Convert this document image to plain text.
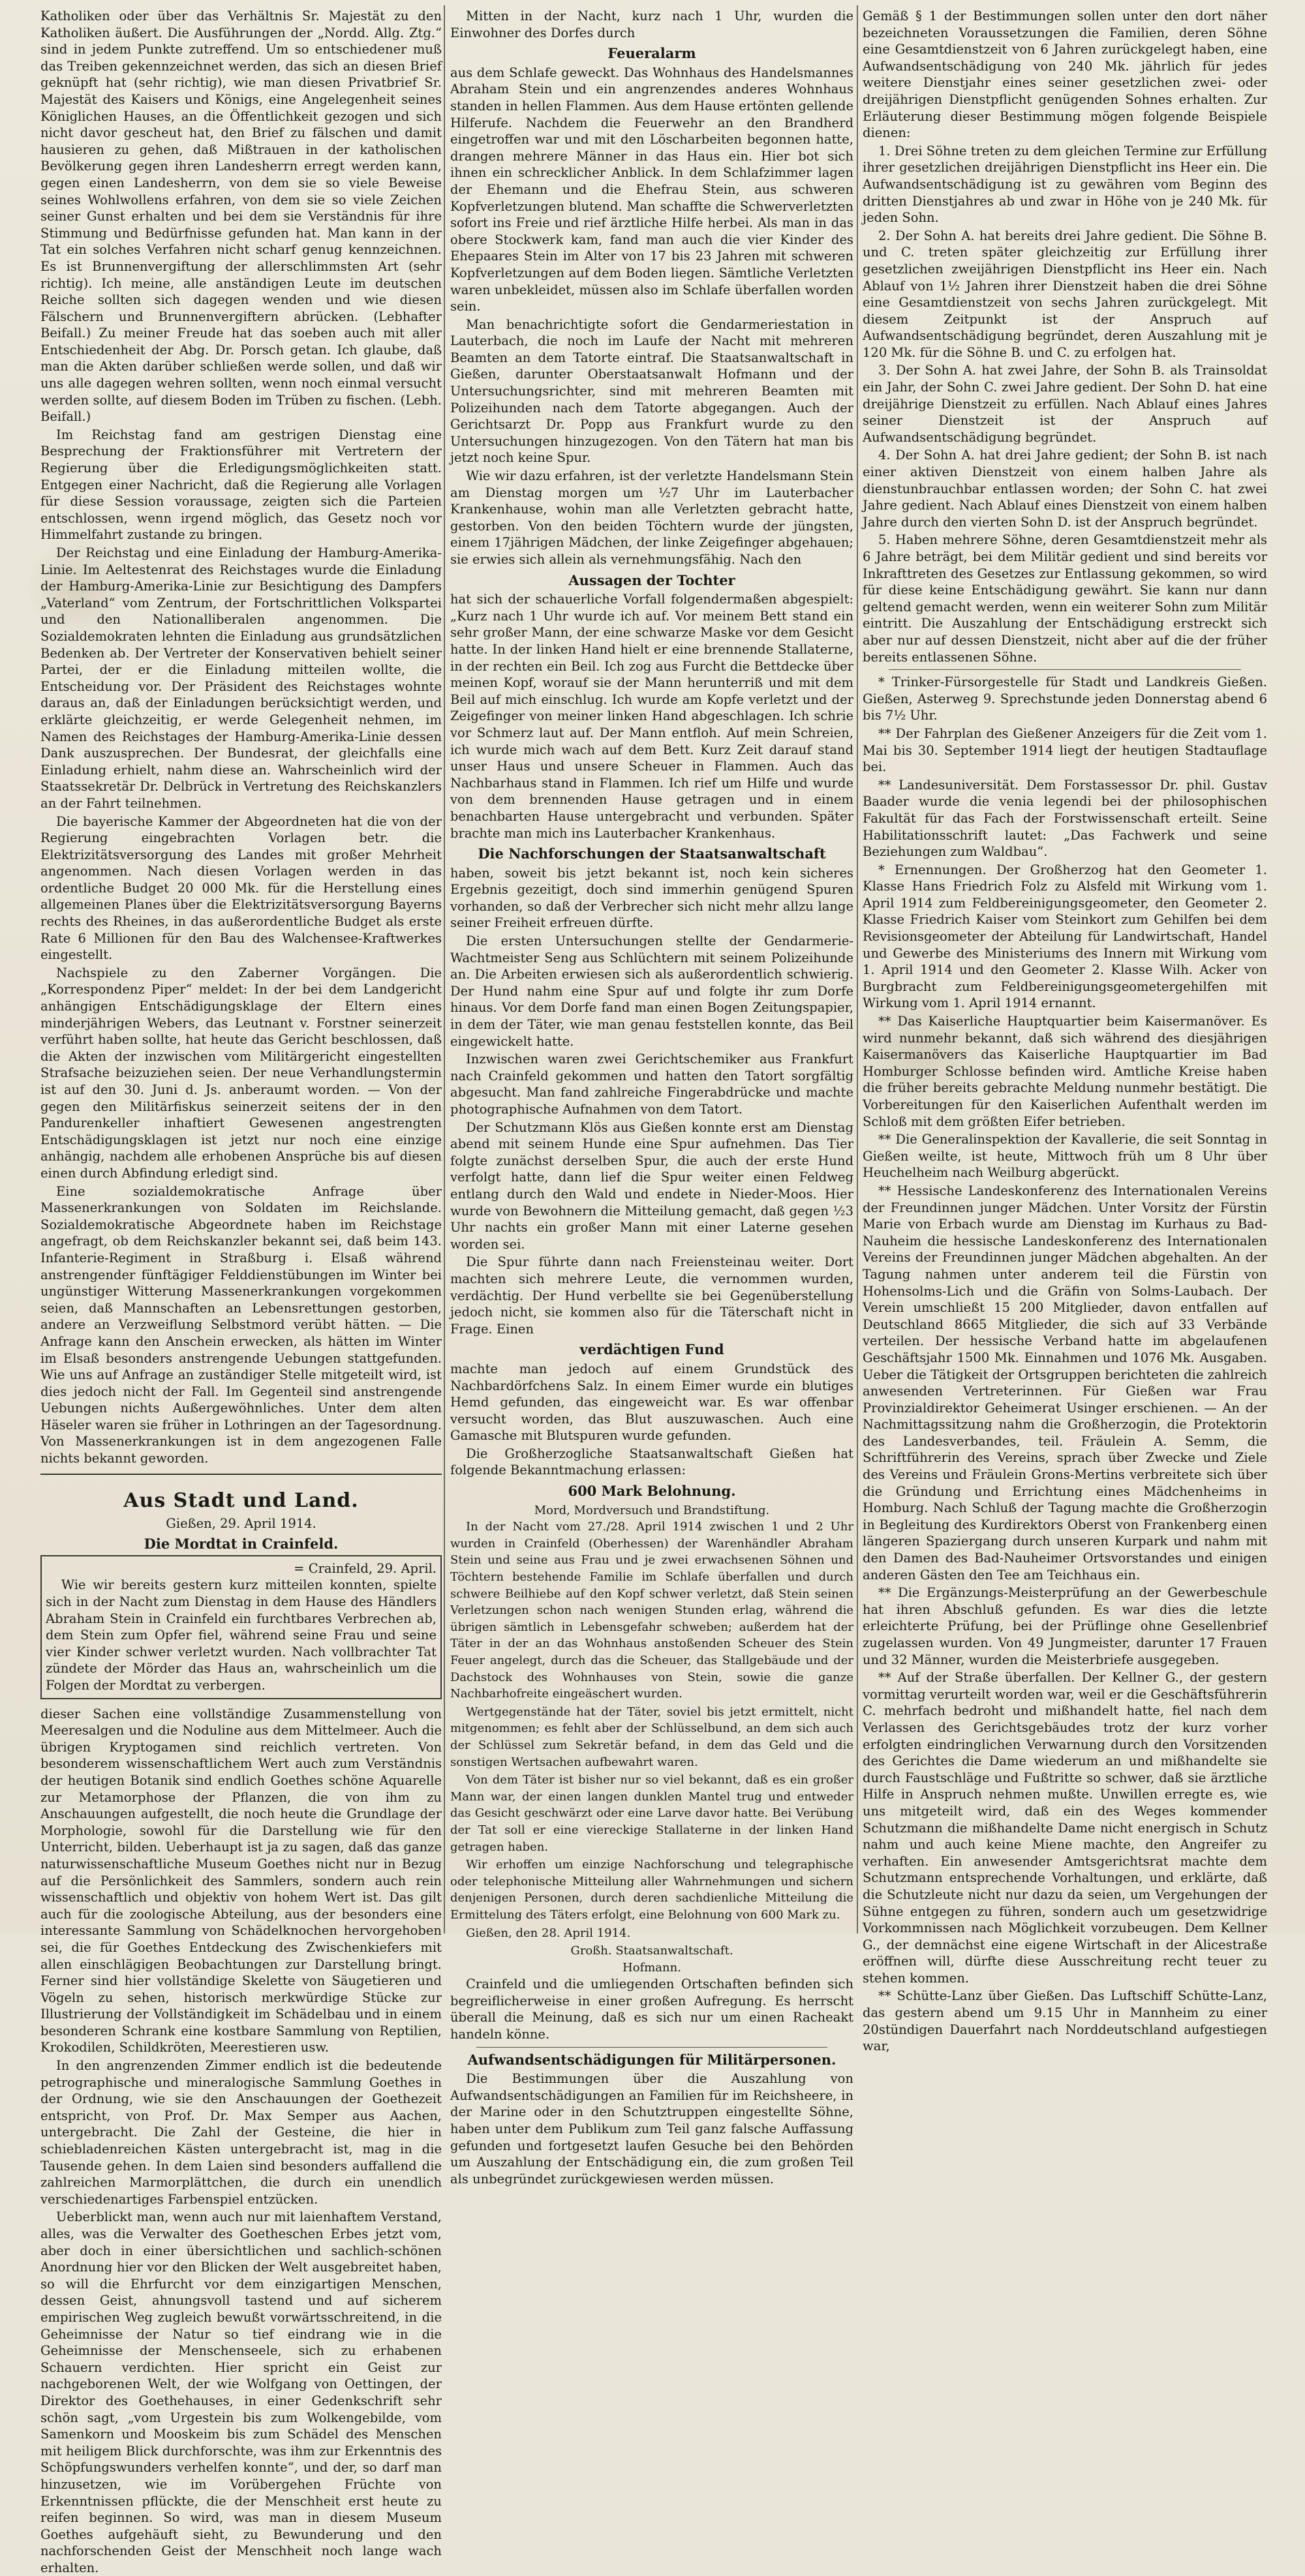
Katholiken oder über das Verhältnis Sr. Majestät zu den Katholiken äußert. Die Ausführungen der „Nordd. Allg. Ztg.“ sind in jedem Punkte zutreffend. Um so entschiedener muß das Treiben gekennzeichnet werden, das sich an diesen Brief geknüpft hat (sehr richtig), wie man diesen Privatbrief Sr. Majestät des Kaisers und Königs, eine Angelegenheit seines Königlichen Hauses, an die Öffentlichkeit gezogen und sich nicht davor gescheut hat, den Brief zu fälschen und damit hausieren zu gehen, daß Mißtrauen in der katholischen Bevölkerung gegen ihren Landesherrn erregt werden kann, gegen einen Landesherrn, von dem sie so viele Beweise seines Wohlwollens erfahren, von dem sie so viele Zeichen seiner Gunst erhalten und bei dem sie Verständnis für ihre Stimmung und Bedürfnisse gefunden hat. Man kann in der Tat ein solches Verfahren nicht scharf genug kennzeichnen. Es ist Brunnenvergiftung der allerschlimmsten Art (sehr richtig). Ich meine, alle anständigen Leute im deutschen Reiche sollten sich dagegen wenden und wie diesen Fälschern und Brunnenvergiftern abrücken. (Lebhafter Beifall.) Zu meiner Freude hat das soeben auch mit aller Entschiedenheit der Abg. Dr. Porsch getan. Ich glaube, daß man die Akten darüber schließen werde sollen, und daß wir uns alle dagegen wehren sollten, wenn noch einmal versucht werden sollte, auf diesem Boden im Trüben zu fischen. (Lebh. Beifall.)

Im Reichstag fand am gestrigen Dienstag eine Besprechung der Fraktionsführer mit Vertretern der Regierung über die Erledigungsmöglichkeiten statt. Entgegen einer Nachricht, daß die Regierung alle Vorlagen für diese Session voraussage, zeigten sich die Parteien entschlossen, wenn irgend möglich, das Gesetz noch vor Himmelfahrt zustande zu bringen.

Der Reichstag und eine Einladung der Hamburg-Amerika-Linie. Im Aeltestenrat des Reichstages wurde die Einladung der Hamburg-Amerika-Linie zur Besichtigung des Dampfers „Vaterland“ vom Zentrum, der Fortschrittlichen Volkspartei und den Nationalliberalen angenommen. Die Sozialdemokraten lehnten die Einladung aus grundsätzlichen Bedenken ab. Der Vertreter der Konservativen behielt seiner Partei, der er die Einladung mitteilen wollte, die Entscheidung vor. Der Präsident des Reichstages wohnte daraus an, daß der Einladungen berücksichtigt werden, und erklärte gleichzeitig, er werde Gelegenheit nehmen, im Namen des Reichstages der Hamburg-Amerika-Linie dessen Dank auszusprechen. Der Bundesrat, der gleichfalls eine Einladung erhielt, nahm diese an. Wahrscheinlich wird der Staatssekretär Dr. Delbrück in Vertretung des Reichskanzlers an der Fahrt teilnehmen.

Die bayerische Kammer der Abgeordneten hat die von der Regierung eingebrachten Vorlagen betr. die Elektrizitätsversorgung des Landes mit großer Mehrheit angenommen. Nach diesen Vorlagen werden in das ordentliche Budget 20 000 Mk. für die Herstellung eines allgemeinen Planes über die Elektrizitätsversorgung Bayerns rechts des Rheines, in das außerordentliche Budget als erste Rate 6 Millionen für den Bau des Walchensee-Kraftwerkes eingestellt.

Nachspiele zu den Zaberner Vorgängen. Die „Korrespondenz Piper“ meldet: In der bei dem Landgericht anhängigen Entschädigungsklage der Eltern eines minderjährigen Webers, das Leutnant v. Forstner seinerzeit verführt haben sollte, hat heute das Gericht beschlossen, daß die Akten der inzwischen vom Militärgericht eingestellten Strafsache beizuziehen seien. Der neue Verhandlungstermin ist auf den 30. Juni d. Js. anberaumt worden. — Von der gegen den Militärfiskus seinerzeit seitens der in den Pandurenkeller inhaftiert Gewesenen angestrengten Entschädigungsklagen ist jetzt nur noch eine einzige anhängig, nachdem alle erhobenen Ansprüche bis auf diesen einen durch Abfindung erledigt sind.

Eine sozialdemokratische Anfrage über Massenerkrankungen von Soldaten im Reichslande. Sozialdemokratische Abgeordnete haben im Reichstage angefragt, ob dem Reichskanzler bekannt sei, daß beim 143. Infanterie-Regiment in Straßburg i. Elsaß während anstrengender fünftägiger Felddienstübungen im Winter bei ungünstiger Witterung Massenerkrankungen vorgekommen seien, daß Mannschaften an Lebensrettungen gestorben, andere an Verzweiflung Selbstmord verübt hätten. — Die Anfrage kann den Anschein erwecken, als hätten im Winter im Elsaß besonders anstrengende Uebungen stattgefunden. Wie uns auf Anfrage an zuständiger Stelle mitgeteilt wird, ist dies jedoch nicht der Fall. Im Gegenteil sind anstrengende Uebungen nichts Außergewöhnliches. Unter dem alten Häseler waren sie früher in Lothringen an der Tagesordnung. Von Massenerkrankungen ist in dem angezogenen Falle nichts bekannt geworden.

Aus Stadt und Land.
Gießen, 29. April 1914.
Die Mordtat in Crainfeld.
= Crainfeld, 29. April.

Wie wir bereits gestern kurz mitteilen konnten, spielte sich in der Nacht zum Dienstag in dem Hause des Händlers Abraham Stein in Crainfeld ein furchtbares Verbrechen ab, dem Stein zum Opfer fiel, während seine Frau und seine vier Kinder schwer verletzt wurden. Nach vollbrachter Tat zündete der Mörder das Haus an, wahrscheinlich um die Folgen der Mordtat zu verbergen.

dieser Sachen eine vollständige Zusammenstellung von Meeresalgen und die Noduline aus dem Mittelmeer. Auch die übrigen Kryptogamen sind reichlich vertreten. Von besonderem wissenschaftlichem Wert auch zum Verständnis der heutigen Botanik sind endlich Goethes schöne Aquarelle zur Metamorphose der Pflanzen, die von ihm zu Anschauungen aufgestellt, die noch heute die Grundlage der Morphologie, sowohl für die Darstellung wie für den Unterricht, bilden. Ueberhaupt ist ja zu sagen, daß das ganze naturwissenschaftliche Museum Goethes nicht nur in Bezug auf die Persönlichkeit des Sammlers, sondern auch rein wissenschaftlich und objektiv von hohem Wert ist. Das gilt auch für die zoologische Abteilung, aus der besonders eine interessante Sammlung von Schädelknochen hervorgehoben sei, die für Goethes Entdeckung des Zwischenkiefers mit allen einschlägigen Beobachtungen zur Darstellung bringt. Ferner sind hier vollständige Skelette von Säugetieren und Vögeln zu sehen, historisch merkwürdige Stücke zur Illustrierung der Vollständigkeit im Schädelbau und in einem besonderen Schrank eine kostbare Sammlung von Reptilien, Krokodilen, Schildkröten, Meerestieren usw.

In den angrenzenden Zimmer endlich ist die bedeutende petrographische und mineralogische Sammlung Goethes in der Ordnung, wie sie den Anschauungen der Goethezeit entspricht, von Prof. Dr. Max Semper aus Aachen, untergebracht. Die Zahl der Gesteine, die hier in schiebladenreichen Kästen untergebracht ist, mag in die Tausende gehen. In dem Laien sind besonders auffallend die zahlreichen Marmorplättchen, die durch ein unendlich verschiedenartiges Farbenspiel entzücken.

Ueberblickt man, wenn auch nur mit laienhaftem Verstand, alles, was die Verwalter des Goetheschen Erbes jetzt vom, aber doch in einer übersichtlichen und sachlich-schönen Anordnung hier vor den Blicken der Welt ausgebreitet haben, so will die Ehrfurcht vor dem einzigartigen Menschen, dessen Geist, ahnungsvoll tastend und auf sicherem empirischen Weg zugleich bewußt vorwärtsschreitend, in die Geheimnisse der Natur so tief eindrang wie in die Geheimnisse der Menschenseele, sich zu erhabenen Schauern verdichten. Hier spricht ein Geist zur nachgeborenen Welt, der wie Wolfgang von Oettingen, der Direktor des Goethehauses, in einer Gedenkschrift sehr schön sagt, „vom Urgestein bis zum Wolkengebilde, vom Samenkorn und Mooskeim bis zum Schädel des Menschen mit heiligem Blick durchforschte, was ihm zur Erkenntnis des Schöpfungswunders verhelfen konnte“, und der, so darf man hinzusetzen, wie im Vorübergehen Früchte von Erkenntnissen pflückte, die der Menschheit erst heute zu reifen beginnen. So wird, was man in diesem Museum Goethes aufgehäuft sieht, zu Bewunderung und den nachforschenden Geist der Menschheit noch lange wach erhalten.

Mitten in der Nacht, kurz nach 1 Uhr, wurden die Einwohner des Dorfes durch

Feueralarm

aus dem Schlafe geweckt. Das Wohnhaus des Handelsmannes Abraham Stein und ein angrenzendes anderes Wohnhaus standen in hellen Flammen. Aus dem Hause ertönten gellende Hilferufe. Nachdem die Feuerwehr an den Brandherd eingetroffen war und mit den Löscharbeiten begonnen hatte, drangen mehrere Männer in das Haus ein. Hier bot sich ihnen ein schrecklicher Anblick. In dem Schlafzimmer lagen der Ehemann und die Ehefrau Stein, aus schweren Kopfverletzungen blutend. Man schaffte die Schwerverletzten sofort ins Freie und rief ärztliche Hilfe herbei. Als man in das obere Stockwerk kam, fand man auch die vier Kinder des Ehepaares Stein im Alter von 17 bis 23 Jahren mit schweren Kopfverletzungen auf dem Boden liegen. Sämtliche Verletzten waren unbekleidet, müssen also im Schlafe überfallen worden sein.

Man benachrichtigte sofort die Gendarmeriestation in Lauterbach, die noch im Laufe der Nacht mit mehreren Beamten an dem Tatorte eintraf. Die Staatsanwaltschaft in Gießen, darunter Oberstaatsanwalt Hofmann und der Untersuchungsrichter, sind mit mehreren Beamten mit Polizeihunden nach dem Tatorte abgegangen. Auch der Gerichtsarzt Dr. Popp aus Frankfurt wurde zu den Untersuchungen hinzugezogen. Von den Tätern hat man bis jetzt noch keine Spur.

Wie wir dazu erfahren, ist der verletzte Handelsmann Stein am Dienstag morgen um ½7 Uhr im Lauterbacher Krankenhause, wohin man alle Verletzten gebracht hatte, gestorben. Von den beiden Töchtern wurde der jüngsten, einem 17jährigen Mädchen, der linke Zeigefinger abgehauen; sie erwies sich allein als vernehmungsfähig. Nach den

Aussagen der Tochter

hat sich der schauerliche Vorfall folgendermaßen abgespielt: „Kurz nach 1 Uhr wurde ich auf. Vor meinem Bett stand ein sehr großer Mann, der eine schwarze Maske vor dem Gesicht hatte. In der linken Hand hielt er eine brennende Stallaterne, in der rechten ein Beil. Ich zog aus Furcht die Bettdecke über meinen Kopf, worauf sie der Mann herunterriß und mit dem Beil auf mich einschlug. Ich wurde am Kopfe verletzt und der Zeigefinger von meiner linken Hand abgeschlagen. Ich schrie vor Schmerz laut auf. Der Mann entfloh. Auf mein Schreien, ich wurde mich wach auf dem Bett. Kurz Zeit darauf stand unser Haus und unsere Scheuer in Flammen. Auch das Nachbarhaus stand in Flammen. Ich rief um Hilfe und wurde von dem brennenden Hause getragen und in einem benachbarten Hause untergebracht und verbunden. Später brachte man mich ins Lauterbacher Krankenhaus.

Die Nachforschungen der Staatsanwaltschaft

haben, soweit bis jetzt bekannt ist, noch kein sicheres Ergebnis gezeitigt, doch sind immerhin genügend Spuren vorhanden, so daß der Verbrecher sich nicht mehr allzu lange seiner Freiheit erfreuen dürfte.

Die ersten Untersuchungen stellte der Gendarmerie-Wachtmeister Seng aus Schlüchtern mit seinem Polizeihunde an. Die Arbeiten erwiesen sich als außerordentlich schwierig. Der Hund nahm eine Spur auf und folgte ihr zum Dorfe hinaus. Vor dem Dorfe fand man einen Bogen Zeitungspapier, in dem der Täter, wie man genau feststellen konnte, das Beil eingewickelt hatte.

Inzwischen waren zwei Gerichtschemiker aus Frankfurt nach Crainfeld gekommen und hatten den Tatort sorgfältig abgesucht. Man fand zahlreiche Fingerabdrücke und machte photographische Aufnahmen von dem Tatort.

Der Schutzmann Klös aus Gießen konnte erst am Dienstag abend mit seinem Hunde eine Spur aufnehmen. Das Tier folgte zunächst derselben Spur, die auch der erste Hund verfolgt hatte, dann lief die Spur weiter einen Feldweg entlang durch den Wald und endete in Nieder-Moos. Hier wurde von Bewohnern die Mitteilung gemacht, daß gegen ½3 Uhr nachts ein großer Mann mit einer Laterne gesehen worden sei.

Die Spur führte dann nach Freiensteinau weiter. Dort machten sich mehrere Leute, die vernommen wurden, verdächtig. Der Hund verbellte sie bei Gegenüberstellung jedoch nicht, sie kommen also für die Täterschaft nicht in Frage. Einen

verdächtigen Fund

machte man jedoch auf einem Grundstück des Nachbardörfchens Salz. In einem Eimer wurde ein blutiges Hemd gefunden, das eingeweicht war. Es war offenbar versucht worden, das Blut auszuwaschen. Auch eine Gamasche mit Blutspuren wurde gefunden.

Die Großherzogliche Staatsanwaltschaft Gießen hat folgende Bekanntmachung erlassen:

600 Mark Belohnung.
Mord, Mordversuch und Brandstiftung.

In der Nacht vom 27./28. April 1914 zwischen 1 und 2 Uhr wurden in Crainfeld (Oberhessen) der Warenhändler Abraham Stein und seine aus Frau und je zwei erwachsenen Söhnen und Töchtern bestehende Familie im Schlafe überfallen und durch schwere Beilhiebe auf den Kopf schwer verletzt, daß Stein seinen Verletzungen schon nach wenigen Stunden erlag, während die übrigen sämtlich in Lebensgefahr schweben; außerdem hat der Täter in der an das Wohnhaus anstoßenden Scheuer des Stein Feuer angelegt, durch das die Scheuer, das Stallgebäude und der Dachstock des Wohnhauses von Stein, sowie die ganze Nachbarhofreite eingeäschert wurden.

Wertgegenstände hat der Täter, soviel bis jetzt ermittelt, nicht mitgenommen; es fehlt aber der Schlüsselbund, an dem sich auch der Schlüssel zum Sekretär befand, in dem das Geld und die sonstigen Wertsachen aufbewahrt waren.

Von dem Täter ist bisher nur so viel bekannt, daß es ein großer Mann war, der einen langen dunklen Mantel trug und entweder das Gesicht geschwärzt oder eine Larve davor hatte. Bei Verübung der Tat soll er eine viereckige Stallaterne in der linken Hand getragen haben.

Wir erhoffen um einzige Nachforschung und telegraphische oder telephonische Mitteilung aller Wahrnehmungen und sichern denjenigen Personen, durch deren sachdienliche Mitteilung die Ermittelung des Täters erfolgt, eine Belohnung von 600 Mark zu.

Gießen, den 28. April 1914.

Großh. Staatsanwaltschaft.
Hofmann.

Crainfeld und die umliegenden Ortschaften befinden sich begreiflicherweise in einer großen Aufregung. Es herrscht überall die Meinung, daß es sich nur um einen Racheakt handeln könne.

Aufwandsentschädigungen für Militärpersonen.

Die Bestimmungen über die Auszahlung von Aufwandsentschädigungen an Familien für im Reichsheere, in der Marine oder in den Schutztruppen eingestellte Söhne, haben unter dem Publikum zum Teil ganz falsche Auffassung gefunden und fortgesetzt laufen Gesuche bei den Behörden um Auszahlung der Entschädigung ein, die zum großen Teil als unbegründet zurückgewiesen werden müssen.

Gemäß § 1 der Bestimmungen sollen unter den dort näher bezeichneten Voraussetzungen die Familien, deren Söhne eine Gesamtdienstzeit von 6 Jahren zurückgelegt haben, eine Aufwandsentschädigung von 240 Mk. jährlich für jedes weitere Dienstjahr eines seiner gesetzlichen zwei- oder dreijährigen Dienstpflicht genügenden Sohnes erhalten. Zur Erläuterung dieser Bestimmung mögen folgende Beispiele dienen:

1. Drei Söhne treten zu dem gleichen Termine zur Erfüllung ihrer gesetzlichen dreijährigen Dienstpflicht ins Heer ein. Die Aufwandsentschädigung ist zu gewähren vom Beginn des dritten Dienstjahres ab und zwar in Höhe von je 240 Mk. für jeden Sohn.

2. Der Sohn A. hat bereits drei Jahre gedient. Die Söhne B. und C. treten später gleichzeitig zur Erfüllung ihrer gesetzlichen zweijährigen Dienstpflicht ins Heer ein. Nach Ablauf von 1½ Jahren ihrer Dienstzeit haben die drei Söhne eine Gesamtdienstzeit von sechs Jahren zurückgelegt. Mit diesem Zeitpunkt ist der Anspruch auf Aufwandsentschädigung begründet, deren Auszahlung mit je 120 Mk. für die Söhne B. und C. zu erfolgen hat.

3. Der Sohn A. hat zwei Jahre, der Sohn B. als Trainsoldat ein Jahr, der Sohn C. zwei Jahre gedient. Der Sohn D. hat eine dreijährige Dienstzeit zu erfüllen. Nach Ablauf eines Jahres seiner Dienstzeit ist der Anspruch auf Aufwandsentschädigung begründet.

4. Der Sohn A. hat drei Jahre gedient; der Sohn B. ist nach einer aktiven Dienstzeit von einem halben Jahre als dienstunbrauchbar entlassen worden; der Sohn C. hat zwei Jahre gedient. Nach Ablauf eines Dienstzeit von einem halben Jahre durch den vierten Sohn D. ist der Anspruch begründet.

5. Haben mehrere Söhne, deren Gesamtdienstzeit mehr als 6 Jahre beträgt, bei dem Militär gedient und sind bereits vor Inkrafttreten des Gesetzes zur Entlassung gekommen, so wird für diese keine Entschädigung gewährt. Sie kann nur dann geltend gemacht werden, wenn ein weiterer Sohn zum Militär eintritt. Die Auszahlung der Entschädigung erstreckt sich aber nur auf dessen Dienstzeit, nicht aber auf die der früher bereits entlassenen Söhne.

* Trinker-Fürsorgestelle für Stadt und Landkreis Gießen. Gießen, Asterweg 9. Sprechstunde jeden Donnerstag abend 6 bis 7½ Uhr.

** Der Fahrplan des Gießener Anzeigers für die Zeit vom 1. Mai bis 30. September 1914 liegt der heutigen Stadtauflage bei.

** Landesuniversität. Dem Forstassessor Dr. phil. Gustav Baader wurde die venia legendi bei der philosophischen Fakultät für das Fach der Forstwissenschaft erteilt. Seine Habilitationsschrift lautet: „Das Fachwerk und seine Beziehungen zum Waldbau“.

* Ernennungen. Der Großherzog hat den Geometer 1. Klasse Hans Friedrich Folz zu Alsfeld mit Wirkung vom 1. April 1914 zum Feldbereinigungsgeometer, den Geometer 2. Klasse Friedrich Kaiser vom Steinkort zum Gehilfen bei dem Revisionsgeometer der Abteilung für Landwirtschaft, Handel und Gewerbe des Ministeriums des Innern mit Wirkung vom 1. April 1914 und den Geometer 2. Klasse Wilh. Acker von Burgbracht zum Feldbereinigungsgeometergehilfen mit Wirkung vom 1. April 1914 ernannt.

** Das Kaiserliche Hauptquartier beim Kaisermanöver. Es wird nunmehr bekannt, daß sich während des diesjährigen Kaisermanövers das Kaiserliche Hauptquartier im Bad Homburger Schlosse befinden wird. Amtliche Kreise haben die früher bereits gebrachte Meldung nunmehr bestätigt. Die Vorbereitungen für den Kaiserlichen Aufenthalt werden im Schloß mit dem größten Eifer betrieben.

** Die Generalinspektion der Kavallerie, die seit Sonntag in Gießen weilte, ist heute, Mittwoch früh um 8 Uhr über Heuchelheim nach Weilburg abgerückt.

** Hessische Landeskonferenz des Internationalen Vereins der Freundinnen junger Mädchen. Unter Vorsitz der Fürstin Marie von Erbach wurde am Dienstag im Kurhaus zu Bad-Nauheim die hessische Landeskonferenz des Internationalen Vereins der Freundinnen junger Mädchen abgehalten. An der Tagung nahmen unter anderem teil die Fürstin von Hohensolms-Lich und die Gräfin von Solms-Laubach. Der Verein umschließt 15 200 Mitglieder, davon entfallen auf Deutschland 8665 Mitglieder, die sich auf 33 Verbände verteilen. Der hessische Verband hatte im abgelaufenen Geschäftsjahr 1500 Mk. Einnahmen und 1076 Mk. Ausgaben. Ueber die Tätigkeit der Ortsgruppen berichteten die zahlreich anwesenden Vertreterinnen. Für Gießen war Frau Provinzialdirektor Geheimerat Usinger erschienen. — An der Nachmittagssitzung nahm die Großherzogin, die Protektorin des Landesverbandes, teil. Fräulein A. Semm, die Schriftführerin des Vereins, sprach über Zwecke und Ziele des Vereins und Fräulein Grons-Mertins verbreitete sich über die Gründung und Errichtung eines Mädchenheims in Homburg. Nach Schluß der Tagung machte die Großherzogin in Begleitung des Kurdirektors Oberst von Frankenberg einen längeren Spaziergang durch unseren Kurpark und nahm mit den Damen des Bad-Nauheimer Ortsvorstandes und einigen anderen Gästen den Tee am Teichhaus ein.

** Die Ergänzungs-Meisterprüfung an der Gewerbeschule hat ihren Abschluß gefunden. Es war dies die letzte erleichterte Prüfung, bei der Prüflinge ohne Gesellenbrief zugelassen wurden. Von 49 Jungmeister, darunter 17 Frauen und 32 Männer, wurden die Meisterbriefe ausgegeben.

** Auf der Straße überfallen. Der Kellner G., der gestern vormittag verurteilt worden war, weil er die Geschäftsführerin C. mehrfach bedroht und mißhandelt hatte, fiel nach dem Verlassen des Gerichtsgebäudes trotz der kurz vorher erfolgten eindringlichen Verwarnung durch den Vorsitzenden des Gerichtes die Dame wiederum an und mißhandelte sie durch Faustschläge und Fußtritte so schwer, daß sie ärztliche Hilfe in Anspruch nehmen mußte. Unwillen erregte es, wie uns mitgeteilt wird, daß ein des Weges kommender Schutzmann die mißhandelte Dame nicht energisch in Schutz nahm und auch keine Miene machte, den Angreifer zu verhaften. Ein anwesender Amtsgerichtsrat machte dem Schutzmann entsprechende Vorhaltungen, und erklärte, daß die Schutzleute nicht nur dazu da seien, um Vergehungen der Sühne entgegen zu führen, sondern auch um gesetzwidrige Vorkommnissen nach Möglichkeit vorzubeugen. Dem Kellner G., der demnächst eine eigene Wirtschaft in der Alicestraße eröffnen will, dürfte diese Ausschreitung recht teuer zu stehen kommen.

** Schütte-Lanz über Gießen. Das Luftschiff Schütte-Lanz, das gestern abend um 9.15 Uhr in Mannheim zu einer 20stündigen Dauerfahrt nach Norddeutschland aufgestiegen war,
